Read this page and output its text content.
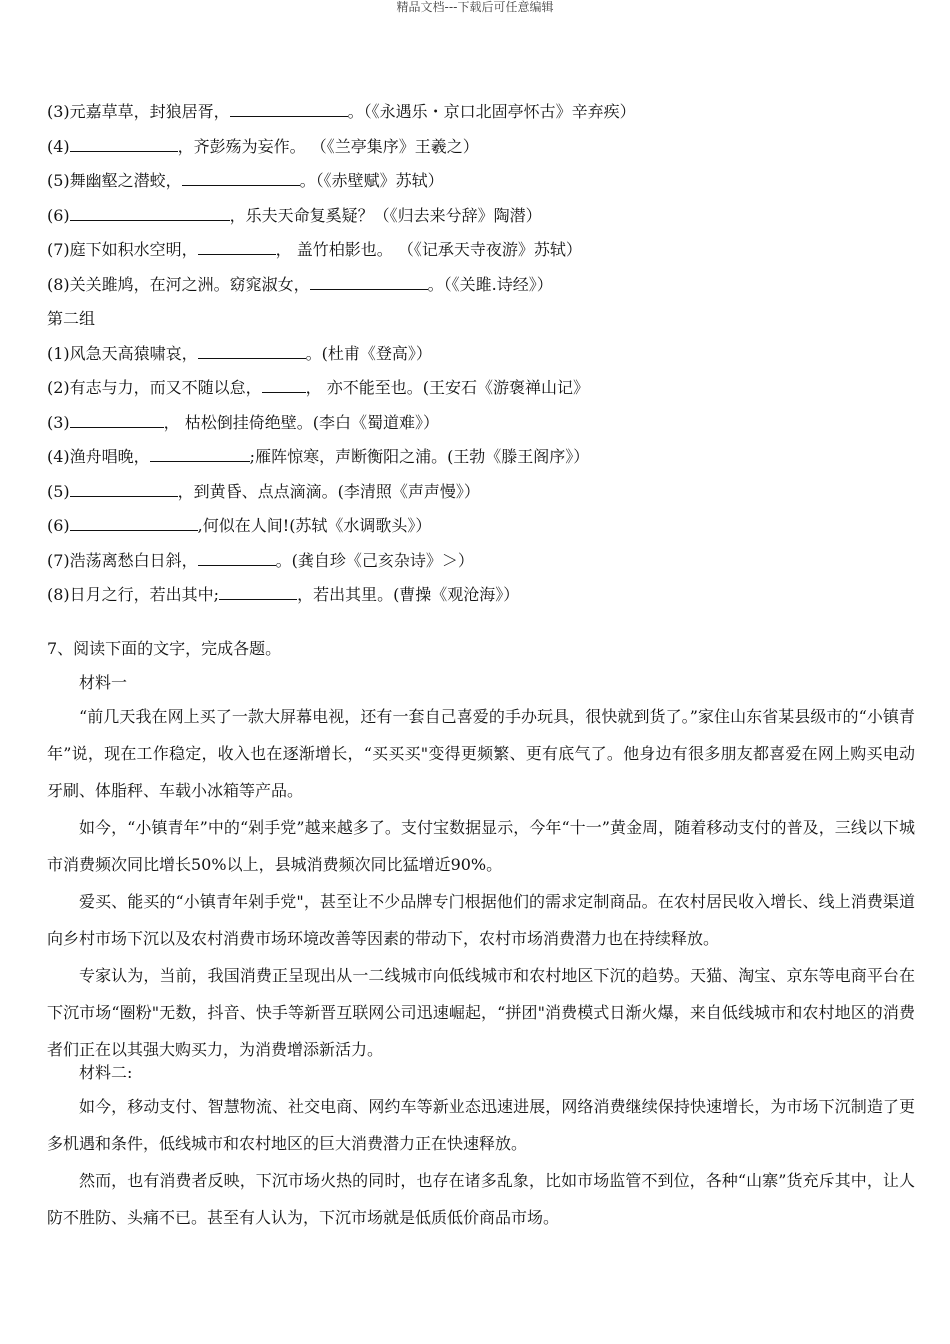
精品文档---下载后可任意编辑
(3)元嘉草草，封狼居胥，	。（《永遇乐・京口北固亭怀古》辛弃疾）
(4)	，齐彭殇为妄作。 （《兰亭集序》王羲之）
(5)舞幽壑之潜蛟，	。（《赤壁赋》苏轼）
(6)	，乐夫天命复奚疑？（《归去来兮辞》陶潜）
(7)庭下如积水空明，	， 盖竹柏影也。 （《记承天寺夜游》苏轼）
(8)关关雎鸠，在河之洲。窈窕淑女，	。（《关雎.诗经》）
第二组
(1)风急天高猿啸哀，	。(杜甫《登高》）
(2)有志与力，而又不随以怠，	， 亦不能至也。(王安石《游褒禅山记》
(3)	， 枯松倒挂倚绝壁。(李白《蜀道难》）
(4)渔舟唱晚，	;雁阵惊寒，声断衡阳之浦。(王勃《滕王阁序》）
(5)	，到黄昏、点点滴滴。(李清照《声声慢》）
(6)	,何似在人间!(苏轼《水调歌头》）
(7)浩荡离愁白日斜，	。(龚自珍《己亥杂诗》＞）
(8)日月之行，若出其中;	，若出其里。(曹操《观沧海》）
7、阅读下面的文字，完成各题。
材料一

“前几天我在网上买了一款大屏幕电视，还有一套自己喜爱的手办玩具，很快就到货了。”家住山东省某县级市的“小镇青年”说，现在工作稳定，收入也在逐渐增长，“买买买"变得更频繁、更有底气了。他身边有很多朋友都喜爱在网上购买电动牙刷、体脂秤、车载小冰箱等产品。

如今，“小镇青年”中的“剁手党”越来越多了。支付宝数据显示，今年“十一”黄金周，随着移动支付的普及，三线以下城市消费频次同比增长50%以上，县城消费频次同比猛增近90%。

爱买、能买的“小镇青年剁手党"，甚至让不少品牌专门根据他们的需求定制商品。在农村居民收入增长、线上消费渠道向乡村市场下沉以及农村消费市场环境改善等因素的带动下，农村市场消费潜力也在持续释放。

专家认为，当前，我国消费正呈现出从一二线城市向低线城市和农村地区下沉的趋势。天猫、淘宝、京东等电商平台在下沉市场“圈粉"无数，抖音、快手等新晋互联网公司迅速崛起，“拼团"消费模式日渐火爆，来自低线城市和农村地区的消费者们正在以其强大购买力，为消费增添新活力。

材料二:

如今，移动支付、智慧物流、社交电商、网约车等新业态迅速进展，网络消费继续保持快速增长，为市场下沉制造了更多机遇和条件，低线城市和农村地区的巨大消费潜力正在快速释放。

然而，也有消费者反映，下沉市场火热的同时，也存在诸多乱象，比如市场监管不到位，各种“山寨”货充斥其中，让人防不胜防、头痛不已。甚至有人认为，下沉市场就是低质低价商品市场。
